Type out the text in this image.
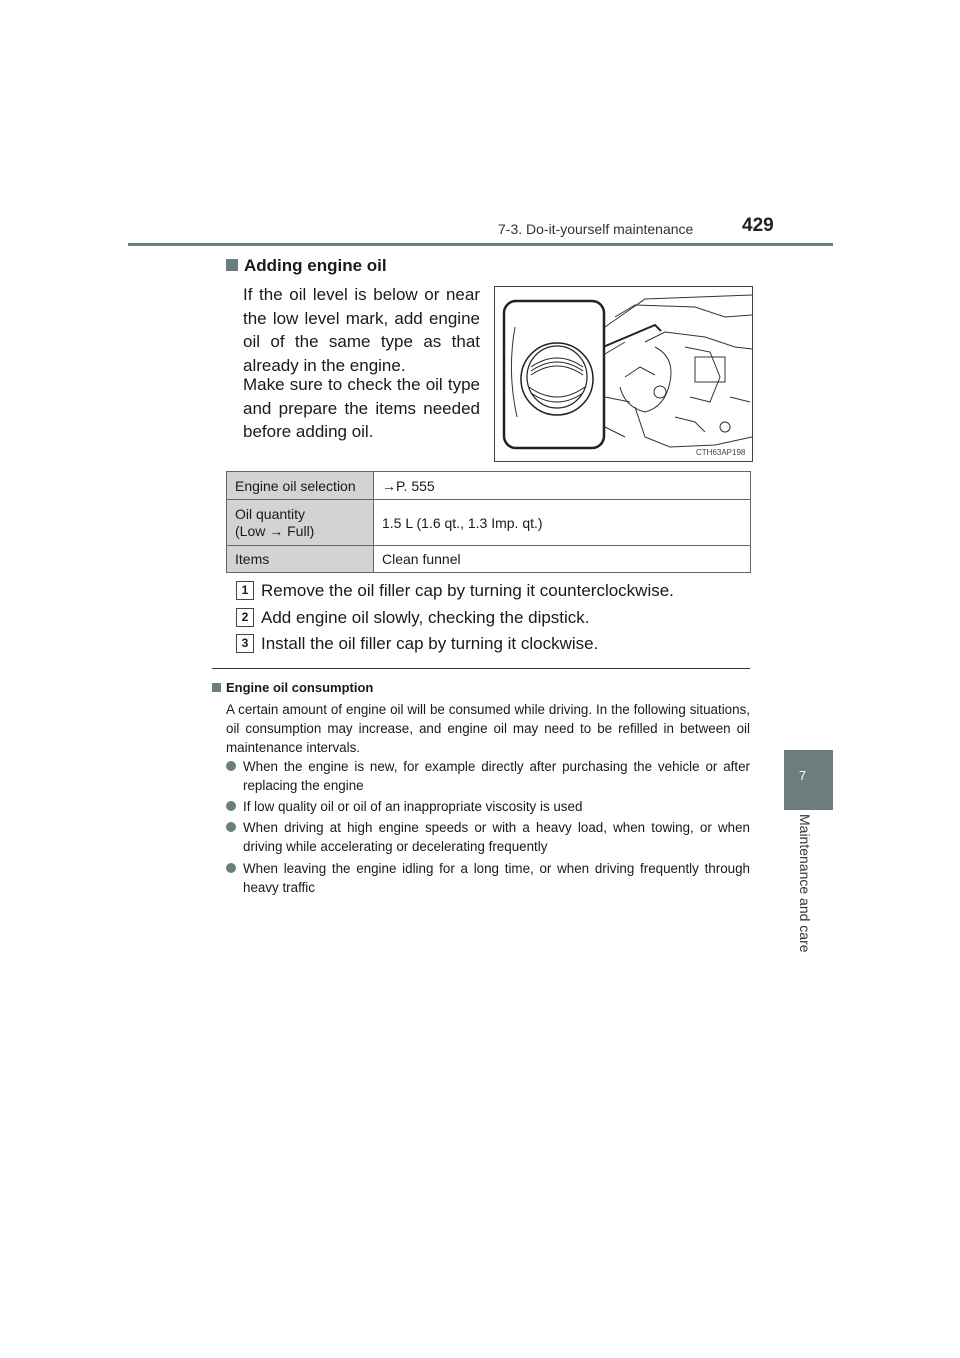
7-3. Do-it-yourself maintenance	429
7
Maintenance and care
Adding engine oil
If the oil level is below or near the low level mark, add engine oil of the same type as that already in the engine.
Make sure to check the oil type and prepare the items needed before adding oil.
CTH63AP198
Engine oil selection	→P. 555
Oil quantity
(Low → Full)	1.5 L (1.6 qt., 1.3 Imp. qt.)
Items	Clean funnel
1 Remove the oil filler cap by turning it counterclockwise.
2 Add engine oil slowly, checking the dipstick.
3 Install the oil filler cap by turning it clockwise.
Engine oil consumption
A certain amount of engine oil will be consumed while driving. In the following situations, oil consumption may increase, and engine oil may need to be refilled in between oil maintenance intervals.
When the engine is new, for example directly after purchasing the vehicle or after replacing the engine
If low quality oil or oil of an inappropriate viscosity is used
When driving at high engine speeds or with a heavy load, when towing, or when driving while accelerating or decelerating frequently
When leaving the engine idling for a long time, or when driving frequently through heavy traffic
